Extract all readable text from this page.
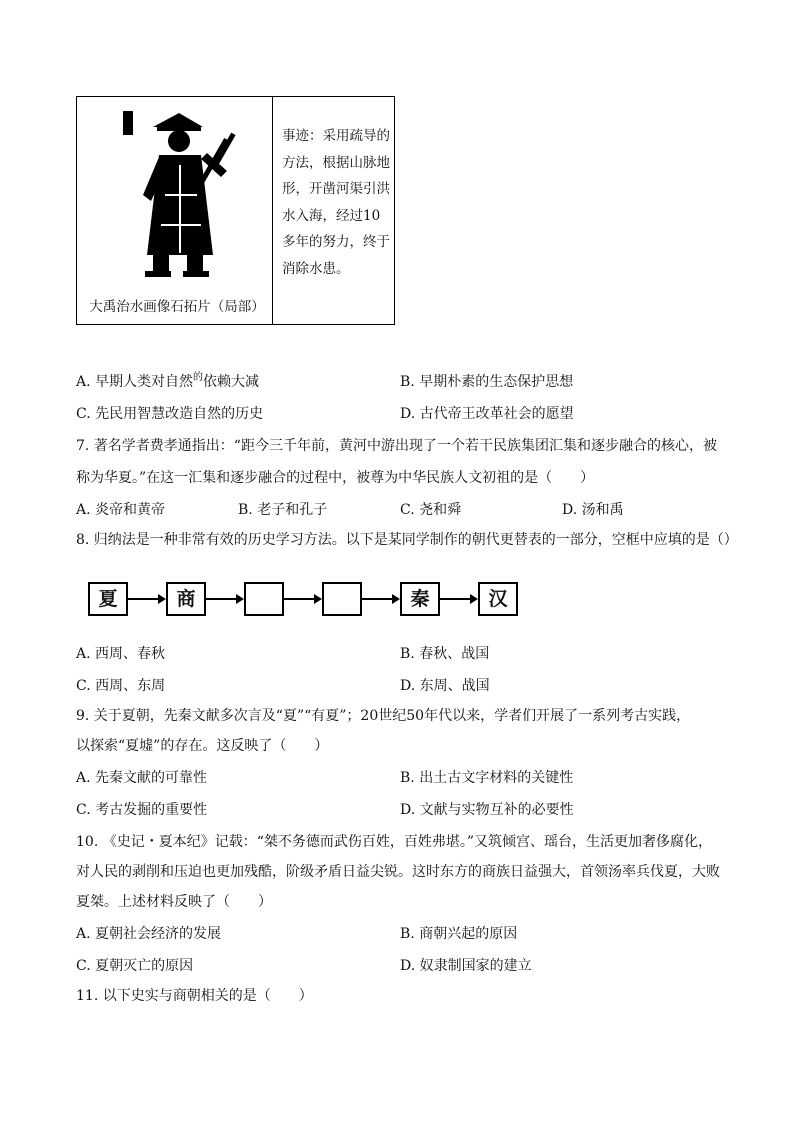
大禹治水画像石拓片（局部）
事迹：采用疏导的方法，根据山脉地形，开凿河渠引洪水入海，经过10多年的努力，终于消除水患。
A. 早期人类对自然$^的$依赖大减	B. 早期朴素的生态保护思想
C. 先民用智慧改造自然的历史	D. 古代帝王改革社会的愿望
7. 著名学者费孝通指出：“距今三千年前，黄河中游出现了一个若干民族集团汇集和逐步融合的核心，被
称为华夏。”在这一汇集和逐步融合的过程中，被尊为中华民族人文初祖的是（　　）
A. 炎帝和黄帝	B. 老子和孔子	C. 尧和舜	D. 汤和禹
8. 归纳法是一种非常有效的历史学习方法。以下是某同学制作的朝代更替表的一部分，空框中应填的是（）
夏	商	秦	汉
A. 西周、春秋	B. 春秋、战国
C. 西周、东周	D. 东周、战国
9. 关于夏朝，先秦文献多次言及“夏”“有夏”；20世纪50年代以来，学者们开展了一系列考古实践，
以探索“夏墟”的存在。这反映了（　　）
A. 先秦文献的可靠性	B. 出土古文字材料的关键性
C. 考古发掘的重要性	D. 文献与实物互补的必要性
10. 《史记・夏本纪》记载：“桀不务德而武伤百姓，百姓弗堪。”又筑倾宫、瑶台，生活更加奢侈腐化，
对人民的剥削和压迫也更加残酷，阶级矛盾日益尖锐。这时东方的商族日益强大，首领汤率兵伐夏，大败
夏桀。上述材料反映了（　　）
A. 夏朝社会经济的发展	B. 商朝兴起的原因
C. 夏朝灭亡的原因	D. 奴隶制国家的建立
11. 以下史实与商朝相关的是（　　）
